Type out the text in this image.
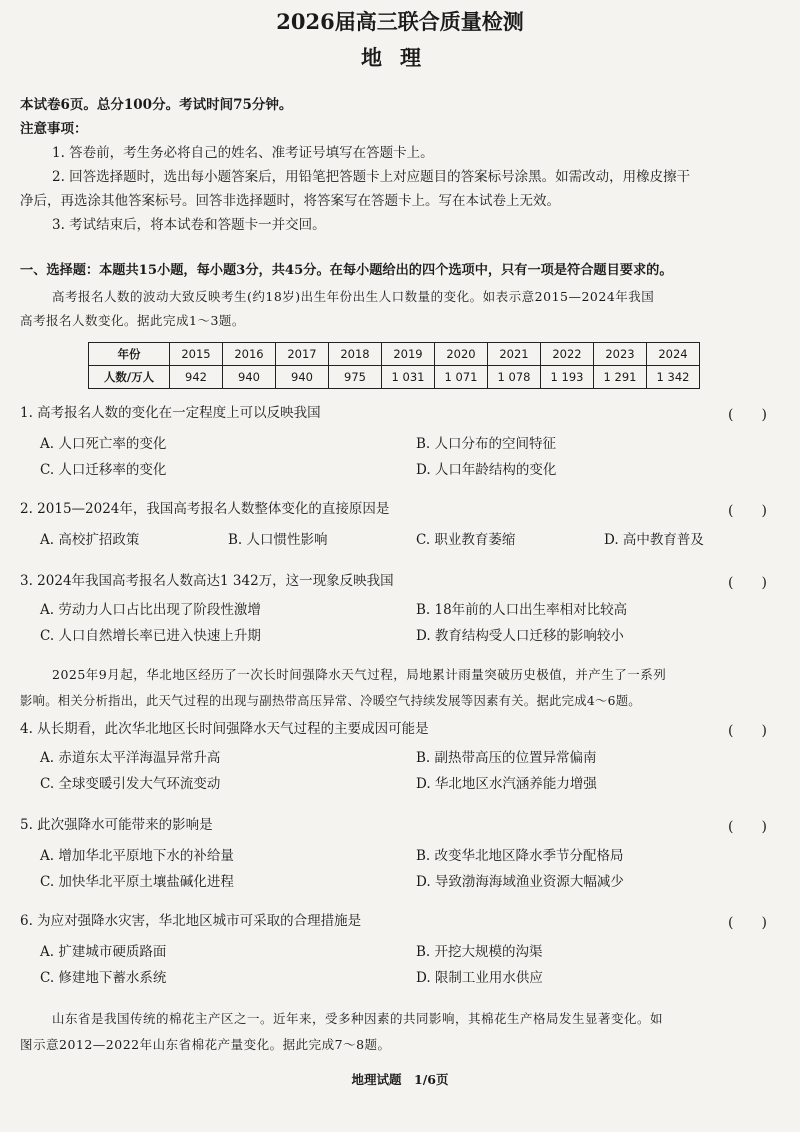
2026届高三联合质量检测
地理
本试卷6页。总分100分。考试时间75分钟。
注意事项：
1. 答卷前，考生务必将自己的姓名、准考证号填写在答题卡上。
2. 回答选择题时，选出每小题答案后，用铅笔把答题卡上对应题目的答案标号涂黑。如需改动，用橡皮擦干
净后，再选涂其他答案标号。回答非选择题时，将答案写在答题卡上。写在本试卷上无效。
3. 考试结束后，将本试卷和答题卡一并交回。
一、选择题：本题共15小题，每小题3分，共45分。在每小题给出的四个选项中，只有一项是符合题目要求的。
高考报名人数的波动大致反映考生(约18岁)出生年份出生人口数量的变化。如表示意2015—2024年我国
高考报名人数变化。据此完成1～3题。
年份	2015	2016	2017	2018	2019	2020	2021	2022	2023	2024
人数/万人	942	940	940	975	1 031	1 071	1 078	1 193	1 291	1 342
1. 高考报名人数的变化在一定程度上可以反映我国	(　　)
A. 人口死亡率的变化	B. 人口分布的空间特征
C. 人口迁移率的变化	D. 人口年龄结构的变化
2. 2015—2024年，我国高考报名人数整体变化的直接原因是	(　　)
A. 高校扩招政策	B. 人口惯性影响	C. 职业教育萎缩	D. 高中教育普及
3. 2024年我国高考报名人数高达1 342万，这一现象反映我国	(　　)
A. 劳动力人口占比出现了阶段性激增	B. 18年前的人口出生率相对比较高
C. 人口自然增长率已进入快速上升期	D. 教育结构受人口迁移的影响较小
2025年9月起，华北地区经历了一次长时间强降水天气过程，局地累计雨量突破历史极值，并产生了一系列
影响。相关分析指出，此天气过程的出现与副热带高压异常、冷暖空气持续发展等因素有关。据此完成4～6题。
4. 从长期看，此次华北地区长时间强降水天气过程的主要成因可能是	(　　)
A. 赤道东太平洋海温异常升高	B. 副热带高压的位置异常偏南
C. 全球变暖引发大气环流变动	D. 华北地区水汽涵养能力增强
5. 此次强降水可能带来的影响是	(　　)
A. 增加华北平原地下水的补给量	B. 改变华北地区降水季节分配格局
C. 加快华北平原土壤盐碱化进程	D. 导致渤海海域渔业资源大幅减少
6. 为应对强降水灾害，华北地区城市可采取的合理措施是	(　　)
A. 扩建城市硬质路面	B. 开挖大规模的沟渠
C. 修建地下蓄水系统	D. 限制工业用水供应
山东省是我国传统的棉花主产区之一。近年来，受多种因素的共同影响，其棉花生产格局发生显著变化。如
图示意2012—2022年山东省棉花产量变化。据此完成7～8题。
地理试题　1/6页
